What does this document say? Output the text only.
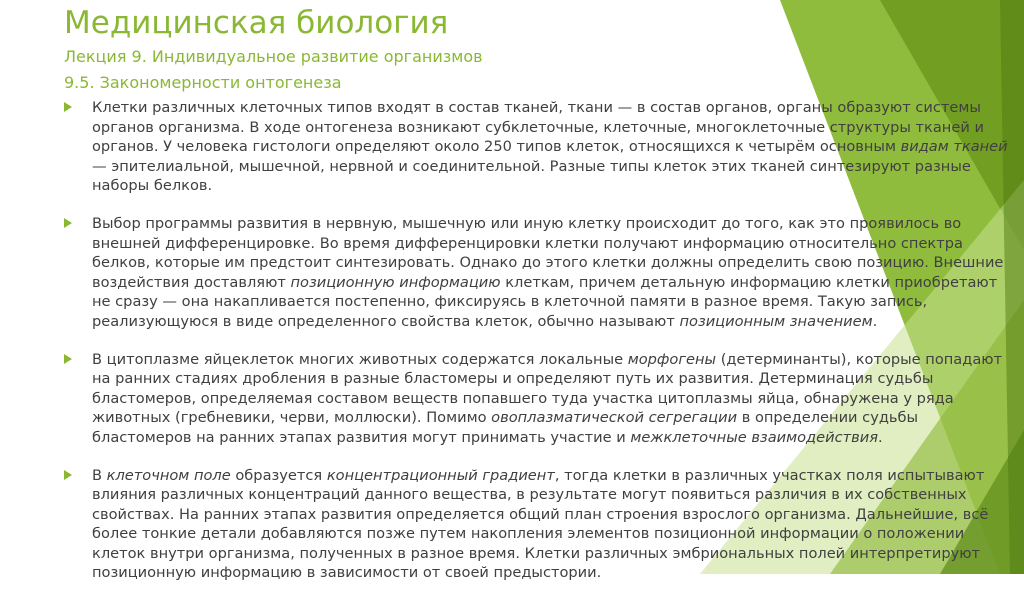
Медицинская биология
Лекция 9. Индивидуальное развитие организмов
9.5. Закономерности онтогенеза
Клетки различных клеточных типов входят в состав тканей, ткани — в состав органов, органы образуют системы органов организма. В ходе онтогенеза возникают субклеточные, клеточные, многоклеточные структуры тканей и органов. У человека гистологи определяют около 250 типов клеток, относящихся к четырём основным видам тканей — эпителиальной, мышечной, нервной и соединительной. Разные типы клеток этих тканей синтезируют разные наборы белков.
Выбор программы развития в нервную, мышечную или иную клетку происходит до того, как это проявилось во внешней дифференцировке. Во время дифференцировки клетки получают информацию относительно спектра белков, которые им предстоит синтезировать. Однако до этого клетки должны определить свою позицию. Внешние воздействия доставляют позиционную информацию клеткам, причем детальную информацию клетки приобретают не сразу — она накапливается постепенно, фиксируясь в клеточной памяти в разное время. Такую запись, реализующуюся в виде определенного свойства клеток, обычно называют позиционным значением.
В цитоплазме яйцеклеток многих животных содержатся локальные морфогены (детерминанты), которые попадают на ранних стадиях дробления в разные бластомеры и определяют путь их развития. Детерминация судьбы бластомеров, определяемая составом веществ попавшего туда участка цитоплазмы яйца, обнаружена у ряда животных (гребневики, черви, моллюски). Помимо овоплазматической сегрегации в определении судьбы бластомеров на ранних этапах развития могут принимать участие и межклеточные взаимодействия.
В клеточном поле образуется концентрационный градиент, тогда клетки в различных участках поля испытывают влияния различных концентраций данного вещества, в результате могут появиться различия в их собственных свойствах. На ранних этапах развития определяется общий план строения взрослого организма. Дальнейшие, всё более тонкие детали добавляются позже путем накопления элементов позиционной информации о положении клеток внутри организма, полученных в разное время. Клетки различных эмбриональных полей интерпретируют позиционную информацию в зависимости от своей предыстории.
